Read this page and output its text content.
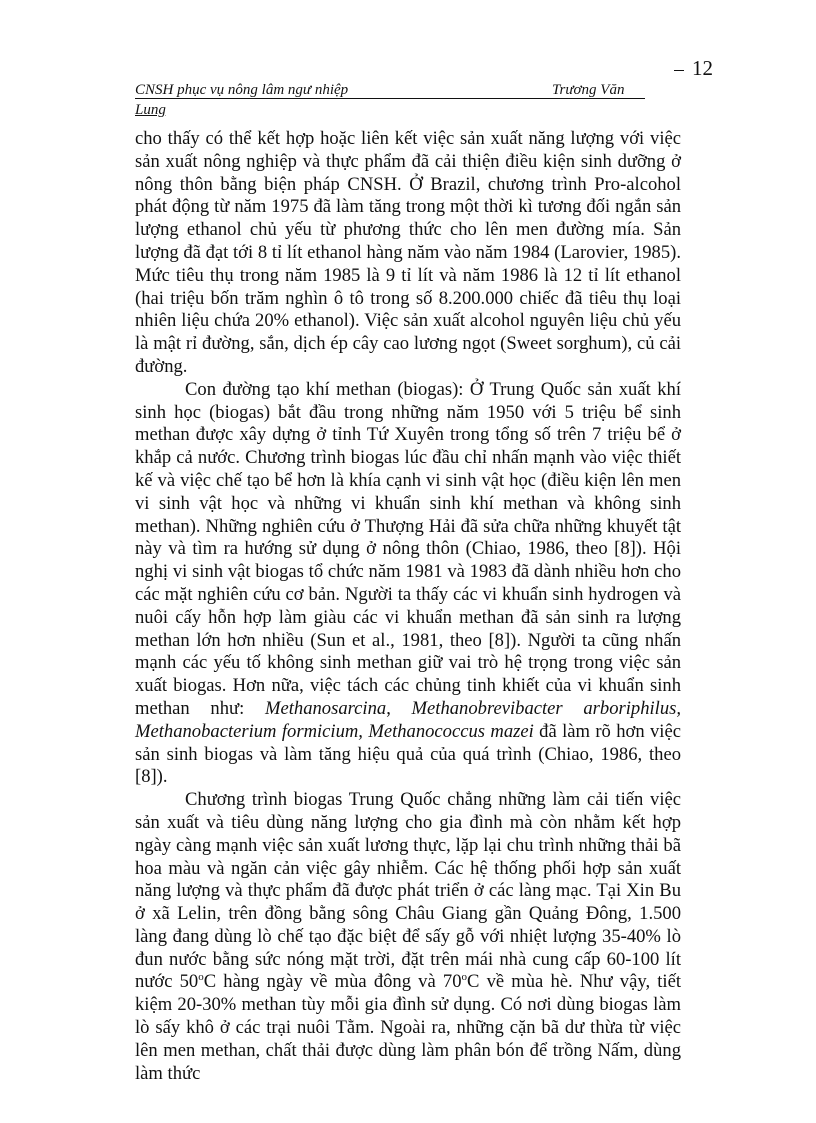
12
CNSH phục vụ nông lâm ngư nhiệp	Trương Văn
Lung

cho thấy có thể kết hợp hoặc liên kết việc sản xuất năng lượng với việc sản xuất nông nghiệp và thực phẩm đã cải thiện điều kiện sinh dưỡng ở nông thôn bằng biện pháp CNSH. Ở Brazil, chương trình Pro-alcohol phát động từ năm 1975 đã làm tăng trong một thời kì tương đối ngắn sản lượng ethanol chủ yếu từ phương thức cho lên men đường mía. Sản lượng đã đạt tới 8 tỉ lít ethanol hàng năm vào năm 1984 (Larovier, 1985). Mức tiêu thụ trong năm 1985 là 9 tỉ lít và năm 1986 là 12 tỉ lít ethanol (hai triệu bốn trăm nghìn ô tô trong số 8.200.000 chiếc đã tiêu thụ loại nhiên liệu chứa 20% ethanol). Việc sản xuất alcohol nguyên liệu chủ yếu là mật rỉ đường, sắn, dịch ép cây cao lương ngọt (Sweet sorghum), củ cải đường.

Con đường tạo khí methan (biogas): Ở Trung Quốc sản xuất khí sinh học (biogas) bắt đầu trong những năm 1950 với 5 triệu bể sinh methan được xây dựng ở tỉnh Tứ Xuyên trong tổng số trên 7 triệu bể ở khắp cả nước. Chương trình biogas lúc đầu chỉ nhấn mạnh vào việc thiết kế và việc chế tạo bể hơn là khía cạnh vi sinh vật học (điều kiện lên men vi sinh vật học và những vi khuẩn sinh khí methan và không sinh methan). Những nghiên cứu ở Thượng Hải đã sửa chữa những khuyết tật này và tìm ra hướng sử dụng ở nông thôn (Chiao, 1986, theo [8]). Hội nghị vi sinh vật biogas tổ chức năm 1981 và 1983 đã dành nhiều hơn cho các mặt nghiên cứu cơ bản. Người ta thấy các vi khuẩn sinh hydrogen và nuôi cấy hỗn hợp làm giàu các vi khuẩn methan đã sản sinh ra lượng methan lớn hơn nhiều (Sun et al., 1981, theo [8]). Người ta cũng nhấn mạnh các yếu tố không sinh methan giữ vai trò hệ trọng trong việc sản xuất biogas. Hơn nữa, việc tách các chủng tinh khiết của vi khuẩn sinh methan như: Methanosarcina, Methanobrevibacter arboriphilus, Methanobacterium formicium, Methanococcus mazei đã làm rõ hơn việc sản sinh biogas và làm tăng hiệu quả của quá trình (Chiao, 1986, theo [8]).

Chương trình biogas Trung Quốc chẳng những làm cải tiến việc sản xuất và tiêu dùng năng lượng cho gia đình mà còn nhằm kết hợp ngày càng mạnh việc sản xuất lương thực, lặp lại chu trình những thải bã hoa màu và ngăn cản việc gây nhiễm. Các hệ thống phối hợp sản xuất năng lượng và thực phẩm đã được phát triển ở các làng mạc. Tại Xin Bu ở xã Lelin, trên đồng bằng sông Châu Giang gần Quảng Đông, 1.500 làng đang dùng lò chế tạo đặc biệt để sấy gỗ với nhiệt lượng 35-40% lò đun nước bằng sức nóng mặt trời, đặt trên mái nhà cung cấp 60-100 lít nước 50$^o$C hàng ngày về mùa đông và 70$^o$C về mùa hè. Như vậy, tiết kiệm 20-30% methan tùy mỗi gia đình sử dụng. Có nơi dùng biogas làm lò sấy khô ở các trại nuôi Tằm. Ngoài ra, những cặn bã dư thừa từ việc lên men methan, chất thải được dùng làm phân bón để trồng Nấm, dùng làm thức
